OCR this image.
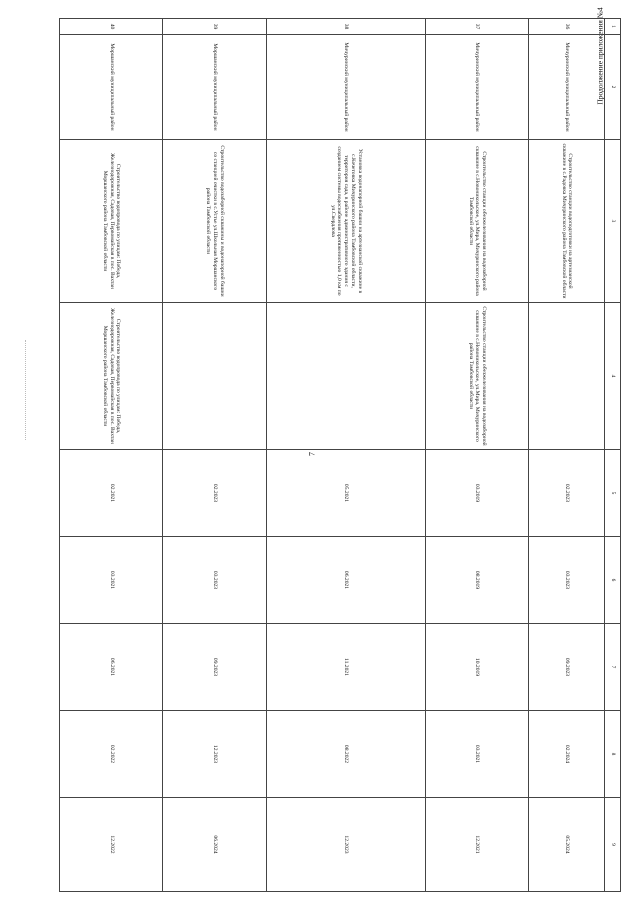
7
Продолжение приложения №4 1	2	3	4	5	6	7	8	9
36	Мичуринский муниципальный район	Строительство станции водоподготовки на артезианской скважине в с.Радовка Мичуринского района Тамбовской области		02.2023	03.2023	09.2023	02.2024	05.2024
37	Мичуринский муниципальный район	Строительство станции обезжелезивания на водозаборной скважине в с.Новоникольское, ул.Мира, Мичуринского района Тамбовской области	Строительство станции обезжелезивания на водозаборной скважине в с.Новоникольское, ул.Мира, Мичуринского района Тамбовской области	03.2019	08.2019	10.2019	03.2021	12.2021
38	Мичуринский муниципальный район	Установка водонапорной башни на артезианской скважине в с.Кочетовка Мичуринского района Тамбовской области, территория сада, в районе административного здания с созданием системы водоснабжения протяженностью 1,0 км по ул.Свердлова		05.2021	06.2021	11.2021	08.2022	12.2023
39	Моршанский муниципальный район	Строительство водозаборной скважины и водонапорной башни со станцией очистки в с.Устье ул.Школьная Моршанского района Тамбовской области		02.2023	03.2023	09.2023	12.2023	06.2024
40	Моршанский муниципальный район	Строительство водопровода по улицам: Победа, Железнодорожная, Садовая, Первомайская в пос. Вахтан Моршанского района Тамбовской области	Строительство водопровода по улицам: Победа, Железнодорожная, Садовая, Первомайская в пос. Вахтан Моршанского района Тамбовской области	02.2021	03.2021	06.2021	02.2022	12.2022
